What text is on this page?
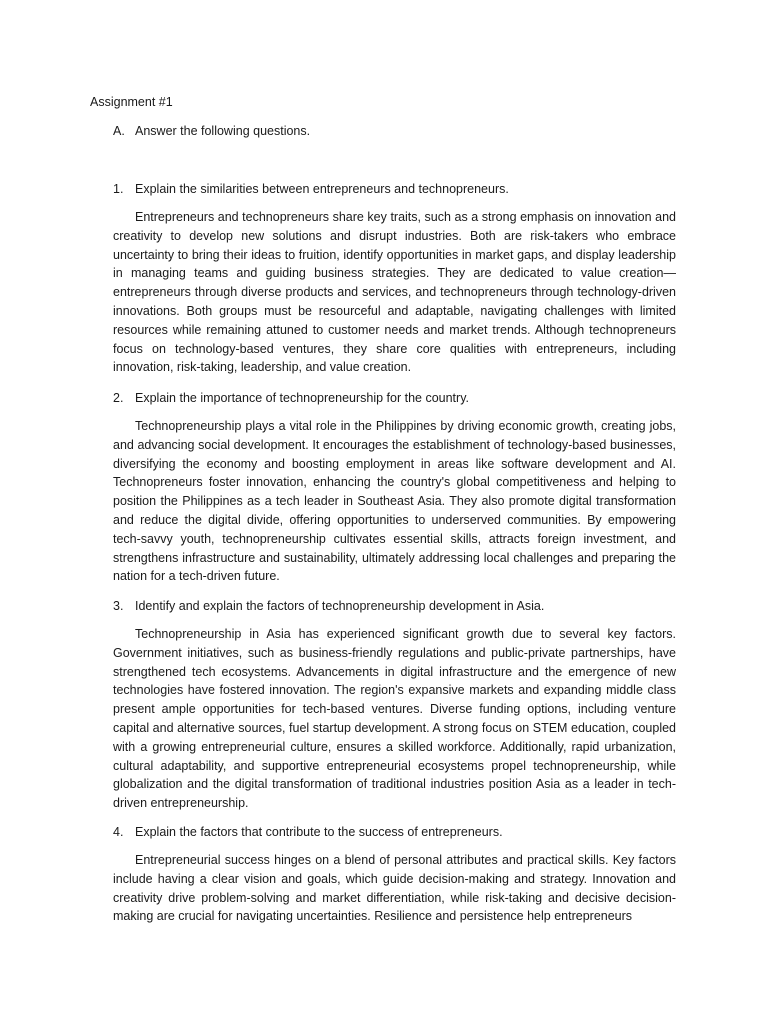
Assignment #1
A. Answer the following questions.
1. Explain the similarities between entrepreneurs and technopreneurs.

Entrepreneurs and technopreneurs share key traits, such as a strong emphasis on innovation and creativity to develop new solutions and disrupt industries. Both are risk-takers who embrace uncertainty to bring their ideas to fruition, identify opportunities in market gaps, and display leadership in managing teams and guiding business strategies. They are dedicated to value creation—entrepreneurs through diverse products and services, and technopreneurs through technology-driven innovations. Both groups must be resourceful and adaptable, navigating challenges with limited resources while remaining attuned to customer needs and market trends. Although technopreneurs focus on technology-based ventures, they share core qualities with entrepreneurs, including innovation, risk-taking, leadership, and value creation.

2. Explain the importance of technopreneurship for the country.

Technopreneurship plays a vital role in the Philippines by driving economic growth, creating jobs, and advancing social development. It encourages the establishment of technology-based businesses, diversifying the economy and boosting employment in areas like software development and AI. Technopreneurs foster innovation, enhancing the country's global competitiveness and helping to position the Philippines as a tech leader in Southeast Asia. They also promote digital transformation and reduce the digital divide, offering opportunities to underserved communities. By empowering tech-savvy youth, technopreneurship cultivates essential skills, attracts foreign investment, and strengthens infrastructure and sustainability, ultimately addressing local challenges and preparing the nation for a tech-driven future.

3. Identify and explain the factors of technopreneurship development in Asia.

Technopreneurship in Asia has experienced significant growth due to several key factors. Government initiatives, such as business-friendly regulations and public-private partnerships, have strengthened tech ecosystems. Advancements in digital infrastructure and the emergence of new technologies have fostered innovation. The region's expansive markets and expanding middle class present ample opportunities for tech-based ventures. Diverse funding options, including venture capital and alternative sources, fuel startup development. A strong focus on STEM education, coupled with a growing entrepreneurial culture, ensures a skilled workforce. Additionally, rapid urbanization, cultural adaptability, and supportive entrepreneurial ecosystems propel technopreneurship, while globalization and the digital transformation of traditional industries position Asia as a leader in tech-driven entrepreneurship.

4. Explain the factors that contribute to the success of entrepreneurs.

Entrepreneurial success hinges on a blend of personal attributes and practical skills. Key factors include having a clear vision and goals, which guide decision-making and strategy. Innovation and creativity drive problem-solving and market differentiation, while risk-taking and decisive decision-making are crucial for navigating uncertainties. Resilience and persistence help entrepreneurs
